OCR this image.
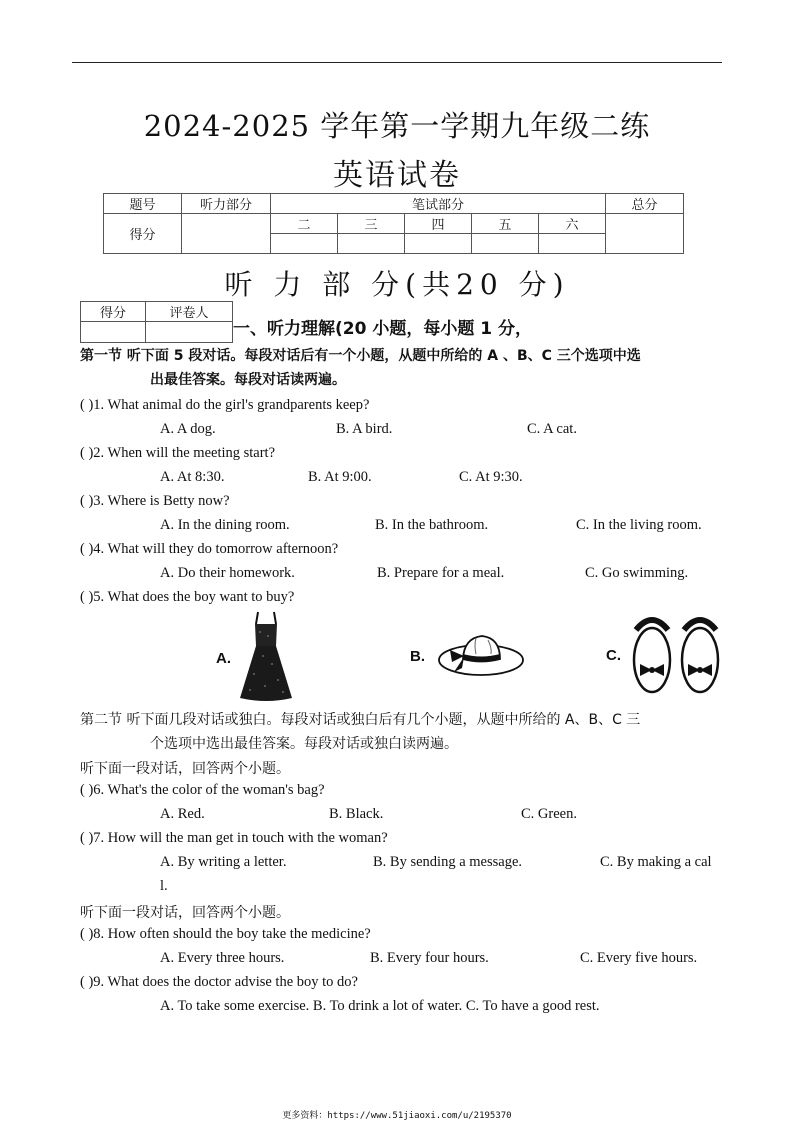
2024-2025 学年第一学期九年级二练
英语试卷
题号	听力部分	笔试部分					总分
得分		二	三	四	五	六	

听 力 部 分(共20 分)
得分	评卷人

一、听力理解(20 小题，每小题 1 分，
第一节 听下面 5 段对话。每段对话后有一个小题，从题中所给的 A 、B、C 三个选项中选
出最佳答案。每段对话读两遍。
( )1. What animal do the girl's grandparents keep?
A. A dog.	B. A bird.	C. A cat.
( )2. When will the meeting start?
A. At 8:30.	B. At 9:00.	C. At 9:30.
( )3. Where is Betty now?
A. In the dining room.	B. In the bathroom.	C. In the living room.
( )4. What will they do tomorrow afternoon?
A. Do their homework.	B. Prepare for a meal.	C. Go swimming.
( )5. What does the boy want to buy?
A.	B.	C.
第二节 听下面几段对话或独白。每段对话或独白后有几个小题，从题中所给的 A、B、C 三
个选项中选出最佳答案。每段对话或独白读两遍。
听下面一段对话，回答两个小题。
( )6. What's the color of the woman's bag?
A. Red.	B. Black.	C. Green.
( )7. How will the man get in touch with the woman?
A. By writing a letter.	B. By sending a message.	C. By making a cal
l.
听下面一段对话，回答两个小题。
( )8. How often should the boy take the medicine?
A. Every three hours.	B. Every four hours.	C. Every five hours.
( )9. What does the doctor advise the boy to do?
A. To take some exercise. B. To drink a lot of water. C. To have a good rest.
更多资料：https://www.51jiaoxi.com/u/2195370
